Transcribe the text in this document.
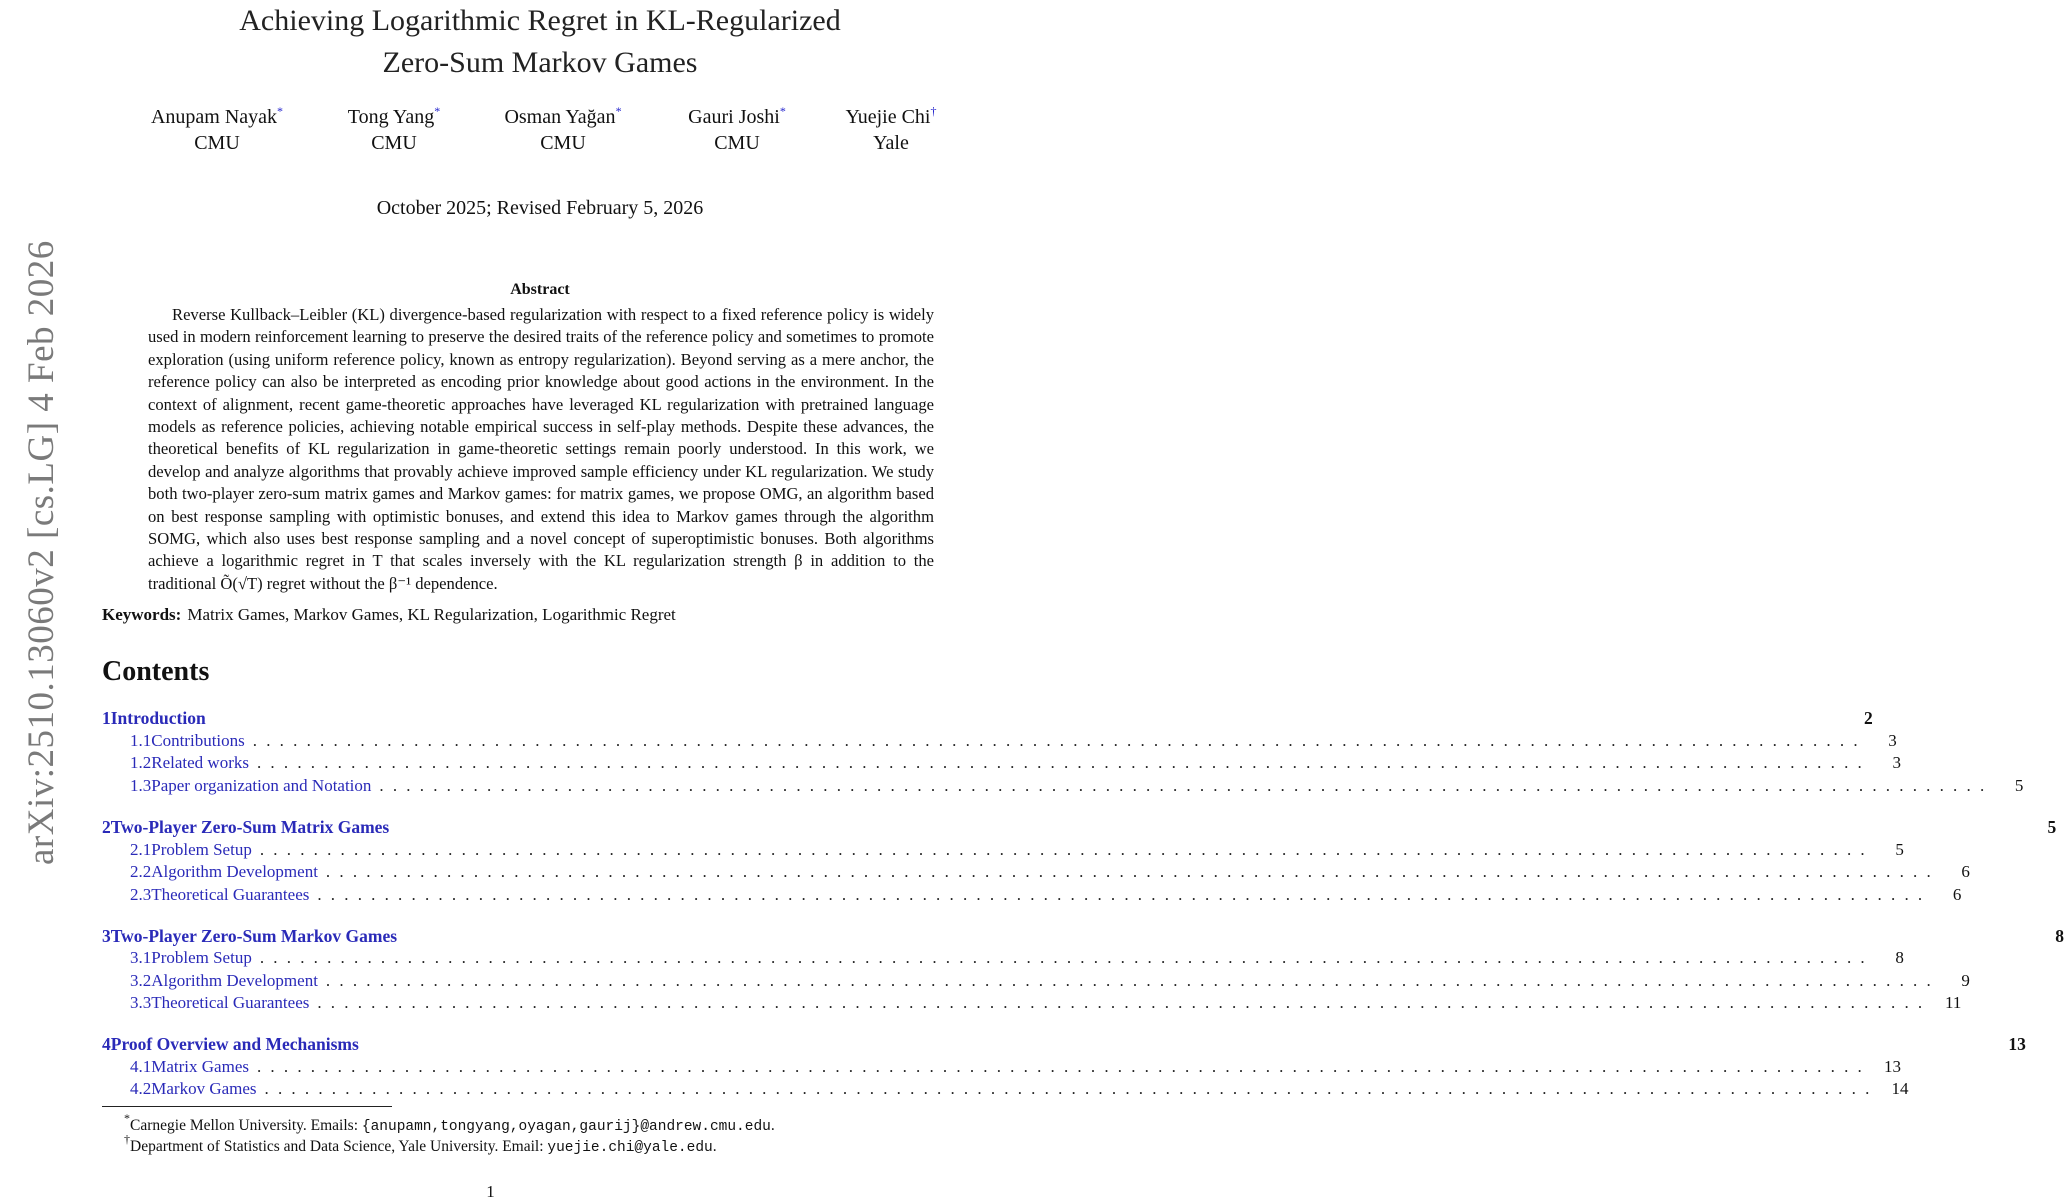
arXiv:2510.13060v2 [cs.LG] 4 Feb 2026
Achieving Logarithmic Regret in KL-Regularized
Zero-Sum Markov Games
Anupam Nayak*
CMU
Tong Yang*
CMU
Osman Yağan*
CMU
Gauri Joshi*
CMU
Yuejie Chi†
Yale
October 2025; Revised February 5, 2026
Abstract
Reverse Kullback–Leibler (KL) divergence-based regularization with respect to a fixed reference policy is widely used in modern reinforcement learning to preserve the desired traits of the reference policy and sometimes to promote exploration (using uniform reference policy, known as entropy regularization). Beyond serving as a mere anchor, the reference policy can also be interpreted as encoding prior knowledge about good actions in the environment. In the context of alignment, recent game-theoretic approaches have leveraged KL regularization with pretrained language models as reference policies, achieving notable empirical success in self-play methods. Despite these advances, the theoretical benefits of KL regularization in game-theoretic settings remain poorly understood. In this work, we develop and analyze algorithms that provably achieve improved sample efficiency under KL regularization. We study both two-player zero-sum matrix games and Markov games: for matrix games, we propose OMG, an algorithm based on best response sampling with optimistic bonuses, and extend this idea to Markov games through the algorithm SOMG, which also uses best response sampling and a novel concept of superoptimistic bonuses. Both algorithms achieve a logarithmic regret in T that scales inversely with the KL regularization strength β in addition to the traditional Õ(√T) regret without the β⁻¹ dependence.
Keywords: Matrix Games, Markov Games, KL Regularization, Logarithmic Regret
Contents
1 Introduction	2
1.1 Contributions ........................................................................................................................	3
1.2 Related works ........................................................................................................................	3
1.3 Paper organization and Notation ........................................................................................................................	5
2 Two-Player Zero-Sum Matrix Games	5
2.1 Problem Setup ........................................................................................................................	5
2.2 Algorithm Development ........................................................................................................................	6
2.3 Theoretical Guarantees ........................................................................................................................	6
3 Two-Player Zero-Sum Markov Games	8
3.1 Problem Setup ........................................................................................................................	8
3.2 Algorithm Development ........................................................................................................................	9
3.3 Theoretical Guarantees ........................................................................................................................ 11
4 Proof Overview and Mechanisms	13
4.1 Matrix Games ........................................................................................................................ 13
4.2 Markov Games ........................................................................................................................ 14
*Carnegie Mellon University. Emails: {anupamn,tongyang,oyagan,gaurij}@andrew.cmu.edu.
†Department of Statistics and Data Science, Yale University. Email: yuejie.chi@yale.edu.
1
